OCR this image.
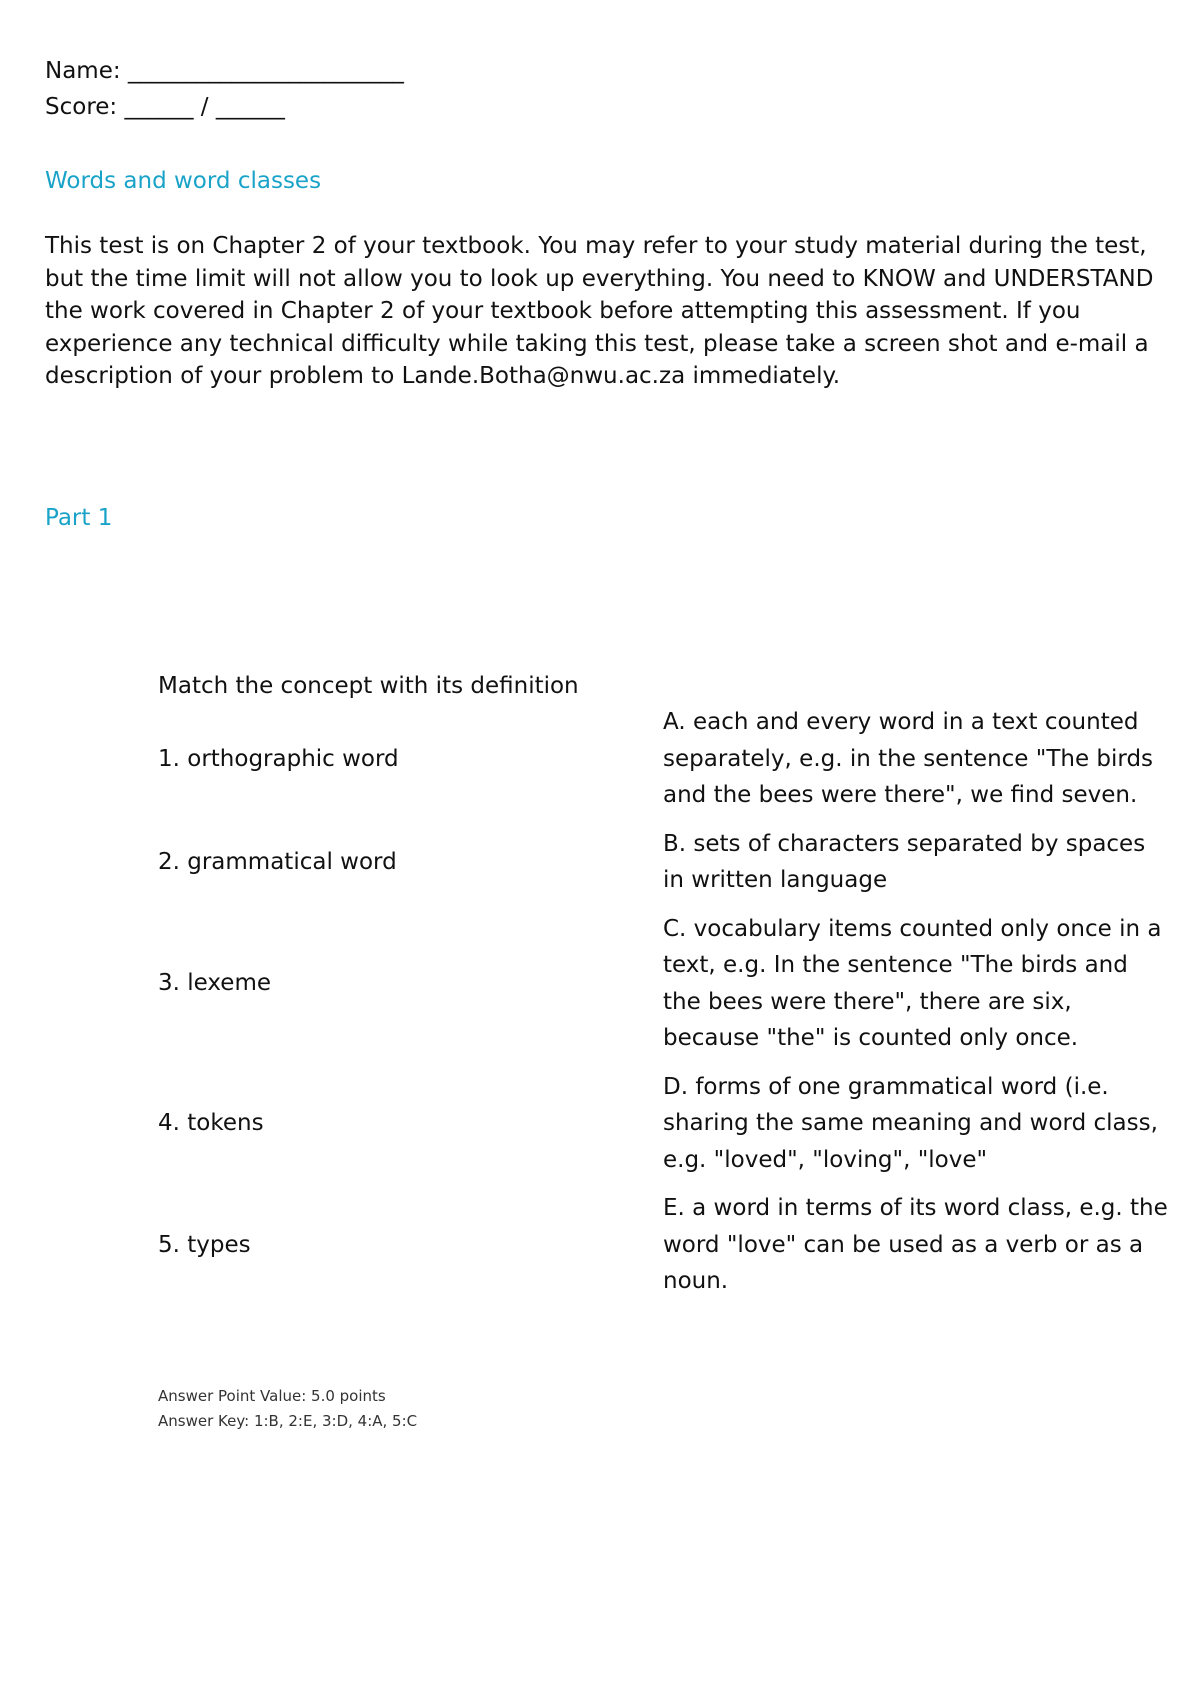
Name: ________________________
Score: ______ / ______
Words and word classes
This test is on Chapter 2 of your textbook. You may refer to your study material during the test, but the time limit will not allow you to look up everything. You need to KNOW and UNDERSTAND the work covered in Chapter 2 of your textbook before attempting this assessment. If you experience any technical difficulty while taking this test, please take a screen shot and e-mail a description of your problem to Lande.Botha@nwu.ac.za immediately.
Part 1
Match the concept with its definition
1. orthographic word
A. each and every word in a text counted separately, e.g. in the sentence "The birds and the bees were there", we find seven.
2. grammatical word
B. sets of characters separated by spaces in written language
3. lexeme
C. vocabulary items counted only once in a text, e.g. In the sentence "The birds and the bees were there", there are six, because "the" is counted only once.
4. tokens
D. forms of one grammatical word (i.e. sharing the same meaning and word class, e.g. "loved", "loving", "love"
5. types
E. a word in terms of its word class, e.g. the word "love" can be used as a verb or as a noun.
Answer Point Value: 5.0 points
Answer Key: 1:B, 2:E, 3:D, 4:A, 5:C
